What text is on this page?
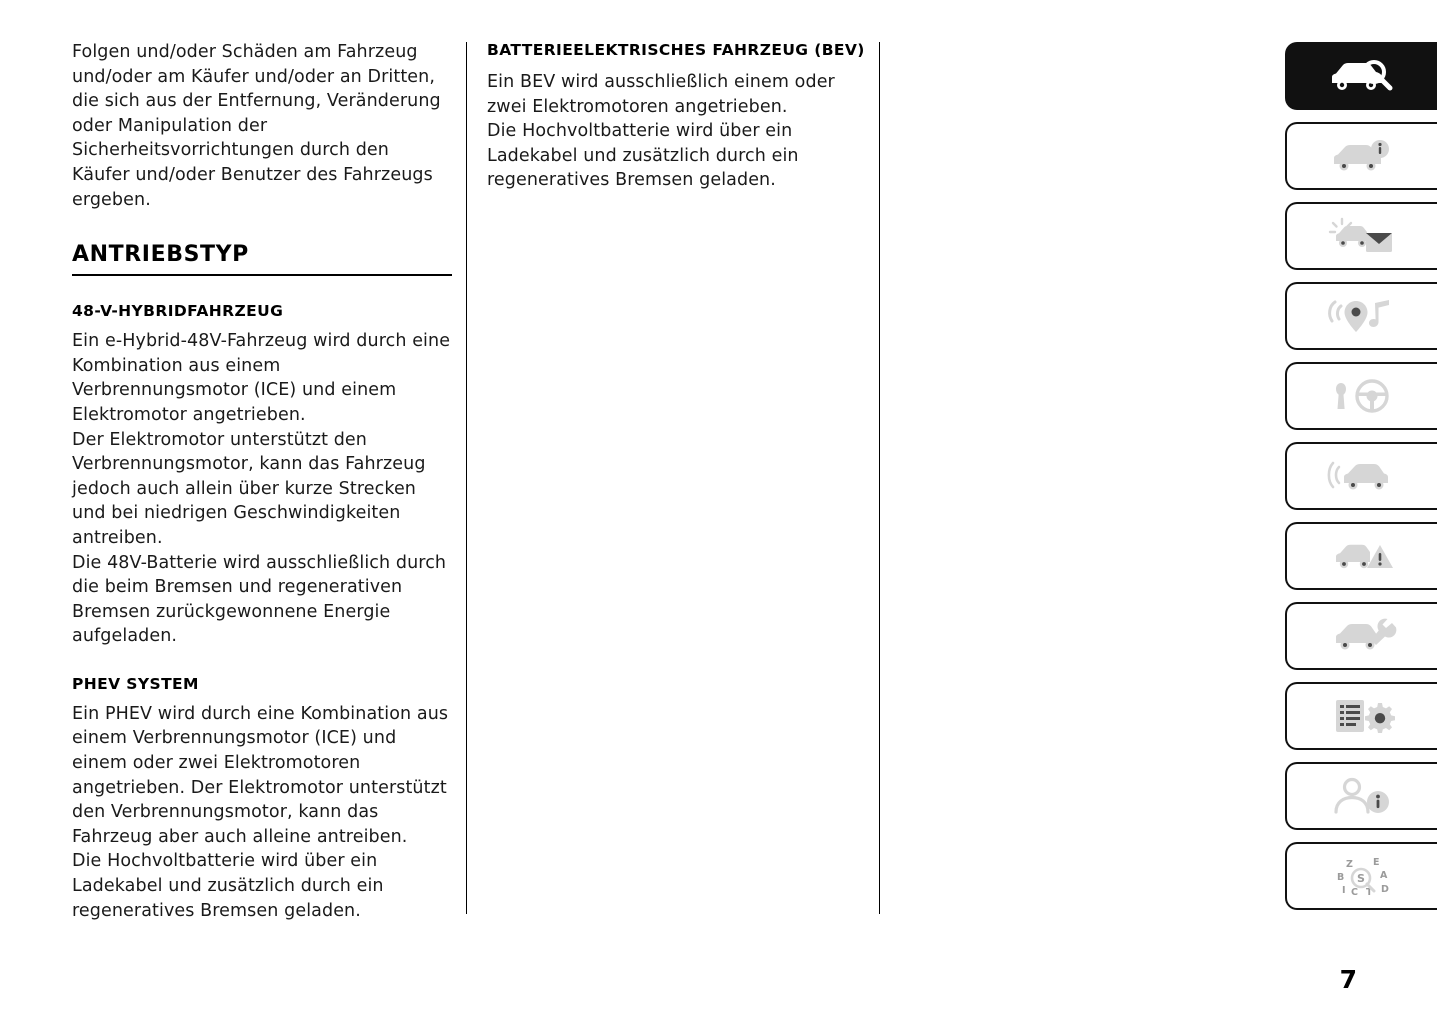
Folgen und/oder Schäden am Fahrzeug und/oder am Käufer und/oder an Dritten, die sich aus der Entfernung, Veränderung oder Manipulation der Sicherheitsvorrichtungen durch den Käufer und/oder Benutzer des Fahrzeugs ergeben.

ANTRIEBSTYP
48-V-HYBRIDFAHRZEUG

Ein e-Hybrid-48V-Fahrzeug wird durch eine Kombination aus einem Verbrennungsmotor (ICE) und einem Elektromotor angetrieben.

Der Elektromotor unterstützt den Verbrennungsmotor, kann das Fahrzeug jedoch auch allein über kurze Strecken und bei niedrigen Geschwindigkeiten antreiben.

Die 48V-Batterie wird ausschließlich durch die beim Bremsen und regenerativen Bremsen zurückgewonnene Energie aufgeladen.

PHEV SYSTEM

Ein PHEV wird durch eine Kombination aus einem Verbrennungsmotor (ICE) und einem oder zwei Elektromotoren angetrieben. Der Elektromotor unterstützt den Verbrennungsmotor, kann das Fahrzeug aber auch alleine antreiben.

Die Hochvoltbatterie wird über ein Ladekabel und zusätzlich durch ein regeneratives Bremsen geladen.

BATTERIEELEKTRISCHES FAHRZEUG (BEV)

Ein BEV wird ausschließlich einem oder zwei Elektromotoren angetrieben.

Die Hochvoltbatterie wird über ein Ladekabel und zusätzlich durch ein regeneratives Bremsen geladen.

7
Z E
B	A
I C T D
S
